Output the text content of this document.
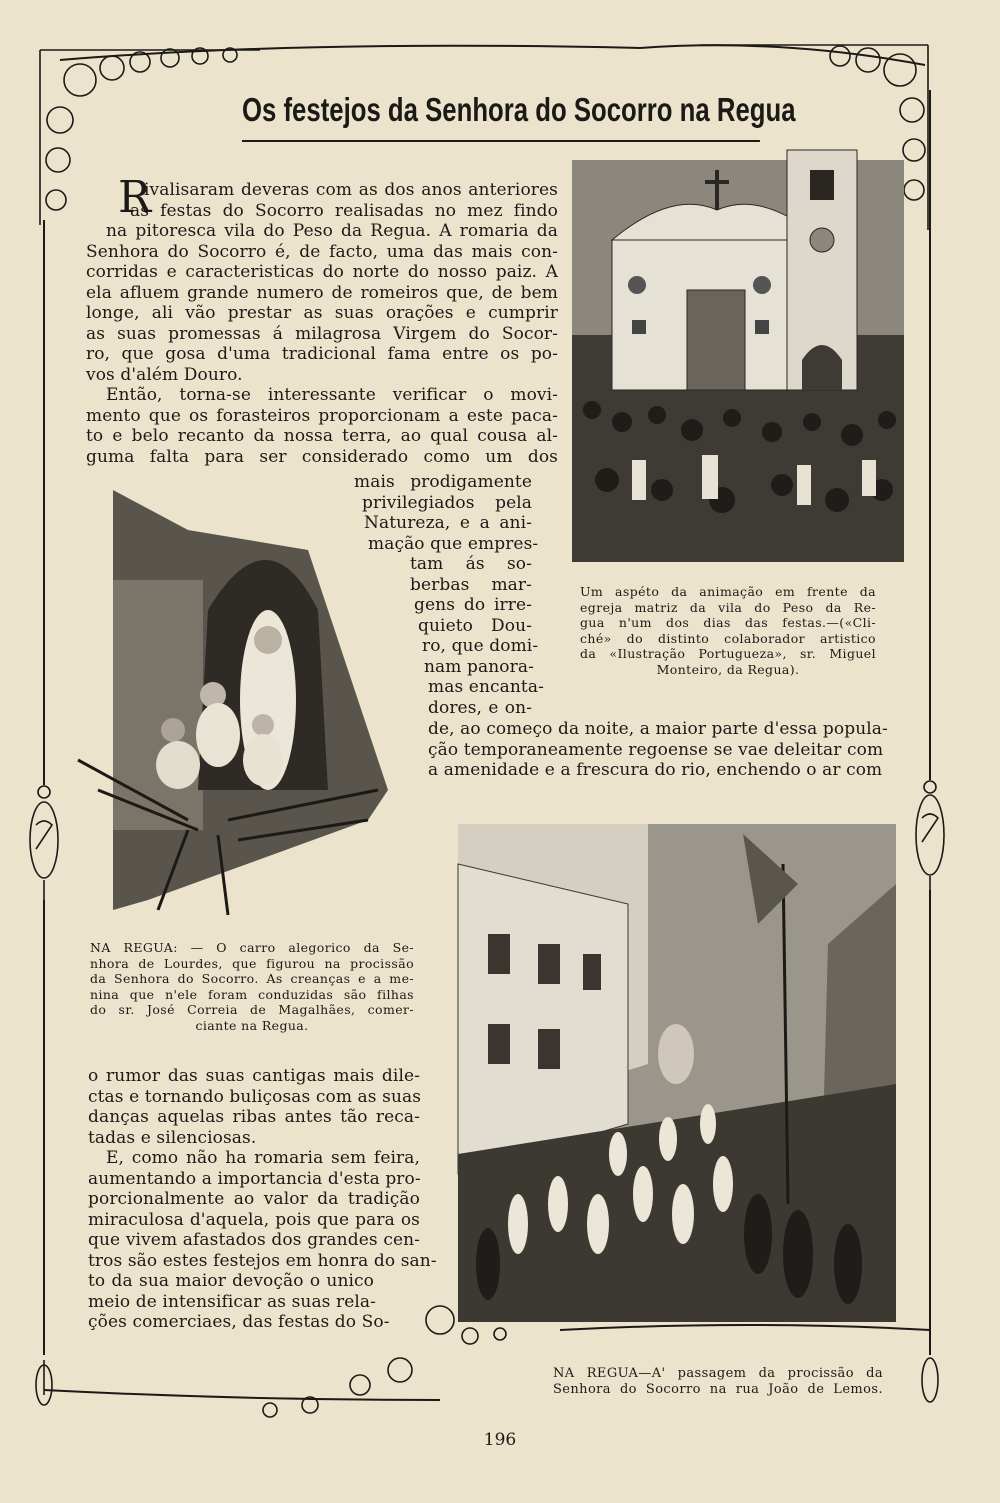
Os festejos da Senhora do Socorro na Regua
R
Um aspéto da animação em frente da
egreja matriz da vila do Peso da Re-
gua n'um dos dias das festas.—(«Cli-
ché» do distinto colaborador artistico
da «Ilustração Portugueza», sr. Miguel
Monteiro, da Regua).
ivalisaram deveras com as dos anos anteriores
as festas do Socorro realisadas no mez findo
na pitoresca vila do Peso da Regua. A romaria da
Senhora do Socorro é, de facto, uma das mais con-
corridas e caracteristicas do norte do nosso paiz. A
ela afluem grande numero de romeiros que, de bem
longe, ali vão prestar as suas orações e cumprir
as suas promessas á milagrosa Virgem do Socor-
ro, que gosa d'uma tradicional fama entre os po-
vos d'além Douro.
Então, torna-se interessante verificar o movi-
mento que os forasteiros proporcionam a este paca-
to e belo recanto da nossa terra, ao qual cousa al-
guma falta para ser considerado como um dos
mais prodigamente
privilegiados pela
Natureza, e a ani-
mação que empres-
tam ás so-
berbas mar-
gens do irre-
quieto Dou-
ro, que domi-
nam panora-
mas encanta-
dores, e on-
de, ao começo da noite, a maior parte d'essa popula-
ção temporaneamente regoense se vae deleitar com
a amenidade e a frescura do rio, enchendo o ar com
NA REGUA: — O carro alegorico da Se-
nhora de Lourdes, que figurou na procissão
da Senhora do Socorro. As creanças e a me-
nina que n'ele foram conduzidas são filhas
do sr. José Correia de Magalhães, comer-
ciante na Regua.
o rumor das suas cantigas mais dile-
ctas e tornando buliçosas com as suas
danças aquelas ribas antes tão reca-
tadas e silenciosas.
E, como não ha romaria sem feira,
aumentando a importancia d'esta pro-
porcionalmente ao valor da tradição
miraculosa d'aquela, pois que para os
que vivem afastados dos grandes cen-
tros são estes festejos em honra do san-
to da sua maior devoção o unico
meio de intensificar as suas rela-
ções comerciaes, das festas do So-
NA REGUA—A' passagem da procissão da
Senhora do Socorro na rua João de Lemos.
196
